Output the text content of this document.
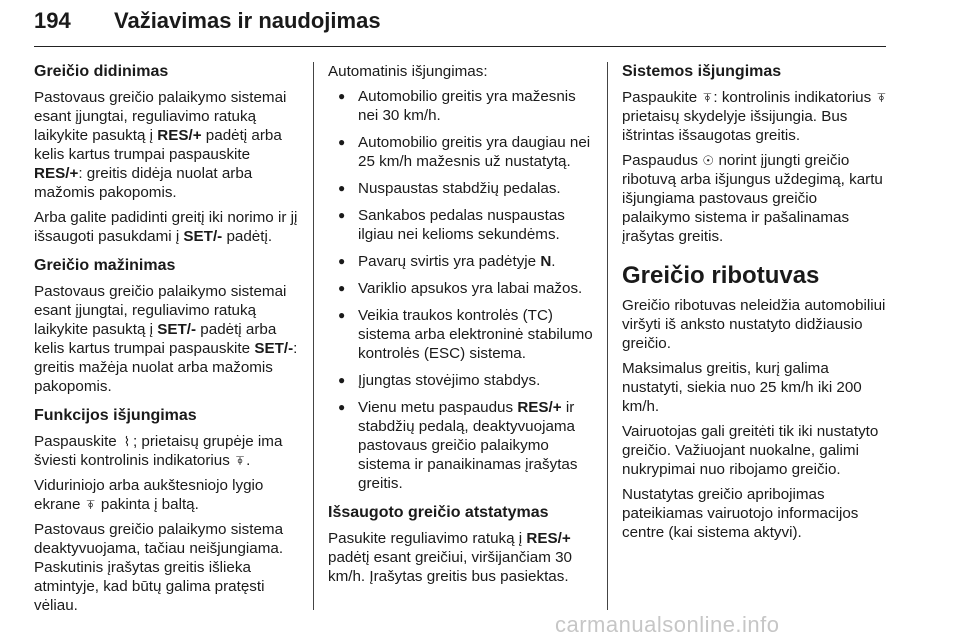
194 Važiavimas ir naudojimas
Greičio didinimas

Pastovaus greičio palaikymo sistemai esant įjungtai, reguliavimo ratuką laikykite pasuktą į RES/+ padėtį arba kelis kartus trumpai paspauskite RES/+: greitis didėja nuolat arba mažomis pakopomis.

Arba galite padidinti greitį iki norimo ir jį išsaugoti pasukdami į SET/- padėtį.

Greičio mažinimas

Pastovaus greičio palaikymo sistemai esant įjungtai, reguliavimo ratuką laikykite pasuktą į SET/- padėtį arba kelis kartus trumpai paspauskite SET/-: greitis mažėja nuolat arba mažomis pakopomis.

Funkcijos išjungimas

Paspauskite ⌇ ; prietaisų grupėje ima šviesti kontrolinis indikatorius ⍕ .

Viduriniojo arba aukštesniojo lygio ekrane ⍕ pakinta į baltą.

Pastovaus greičio palaikymo sistema deaktyvuojama, tačiau neišjungiama. Paskutinis įrašytas greitis išlieka atmintyje, kad būtų galima pratęsti vėliau.

Automatinis išjungimas:

● Automobilio greitis yra mažesnis nei 30 km/h.
● Automobilio greitis yra daugiau nei 25 km/h mažesnis už nustatytą.
● Nuspaustas stabdžių pedalas.
● Sankabos pedalas nuspaustas ilgiau nei kelioms sekundėms.
● Pavarų svirtis yra padėtyje N.
● Variklio apsukos yra labai mažos.
● Veikia traukos kontrolės (TC) sistema arba elektroninė stabilumo kontrolės (ESC) sistema.
● Įjungtas stovėjimo stabdys.
● Vienu metu paspaudus RES/+ ir stabdžių pedalą, deaktyvuojama pastovaus greičio palaikymo sistema ir panaikinamas įrašytas greitis.
Išsaugoto greičio atstatymas

Pasukite reguliavimo ratuką į RES/+ padėtį esant greičiui, viršijančiam 30 km/h. Įrašytas greitis bus pasiektas.

Sistemos išjungimas

Paspaukite ⍕ : kontrolinis indikatorius ⍕ prietaisų skydelyje išsijungia. Bus ištrintas išsaugotas greitis.

Paspaudus ☉ norint įjungti greičio ribotuvą arba išjungus uždegimą, kartu išjungiama pastovaus greičio palaikymo sistema ir pašalinamas įrašytas greitis.

Greičio ribotuvas

Greičio ribotuvas neleidžia automobiliui viršyti iš anksto nustatyto didžiausio greičio.

Maksimalus greitis, kurį galima nustatyti, siekia nuo 25 km/h iki 200 km/h.

Vairuotojas gali greitėti tik iki nustatyto greičio. Važiuojant nuokalne, galimi nukrypimai nuo ribojamo greičio.

Nustatytas greičio apribojimas pateikiamas vairuotojo informacijos centre (kai sistema aktyvi).

carmanualsonline.info
